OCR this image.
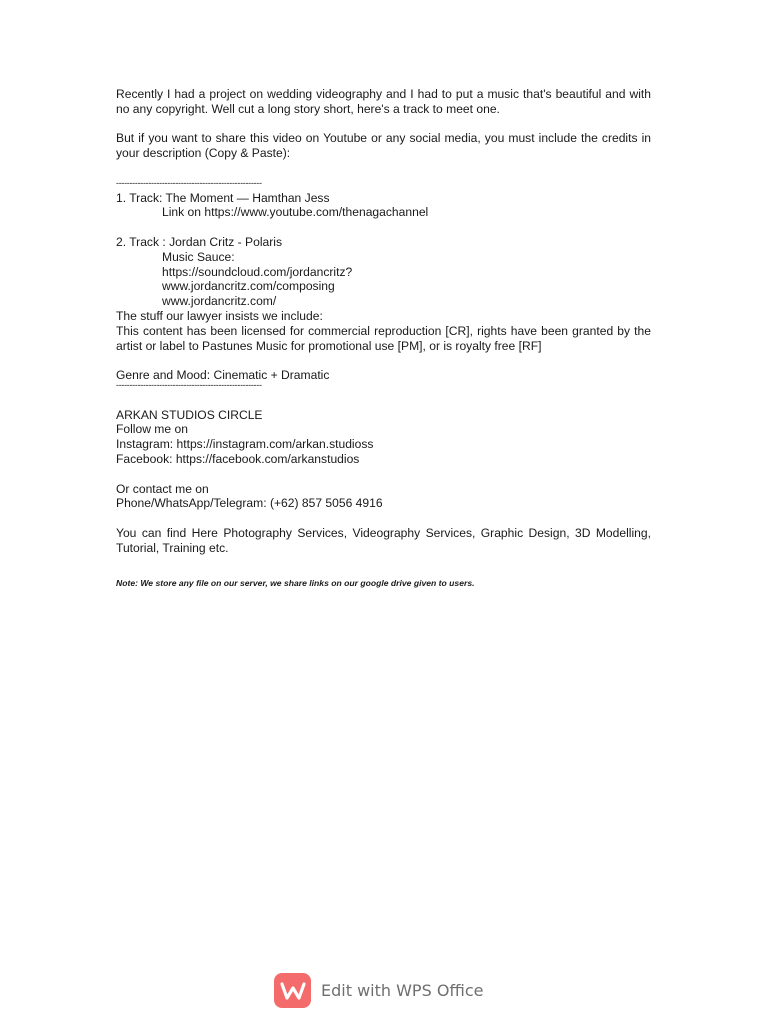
Recently I had a project on wedding videography and I had to put a music that's beautiful and with no any copyright. Well cut a long story short, here's a track to meet one.

But if you want to share this video on Youtube or any social media, you must include the credits in your description (Copy & Paste):

------------------------------------------------------
1. Track: The Moment — Hamthan Jess
Link on https://www.youtube.com/thenagachannel
2. Track : Jordan Critz - Polaris
Music Sauce:
https://soundcloud.com/jordancritz?
www.jordancritz.com/composing
www.jordancritz.com/
The stuff our lawyer insists we include:

This content has been licensed for commercial reproduction [CR], rights have been granted by the artist or label to Pastunes Music for promotional use [PM], or is royalty free [RF]

Genre and Mood: Cinematic + Dramatic
------------------------------------------------------
ARKAN STUDIOS CIRCLE
Follow me on
Instagram: https://instagram.com/arkan.studioss
Facebook: https://facebook.com/arkanstudios
Or contact me on
Phone/WhatsApp/Telegram: (+62) 857 5056 4916

You can find Here Photography Services, Videography Services, Graphic Design, 3D Modelling, Tutorial, Training etc.

Note: We store any file on our server, we share links on our google drive given to users.
Edit with WPS Office
